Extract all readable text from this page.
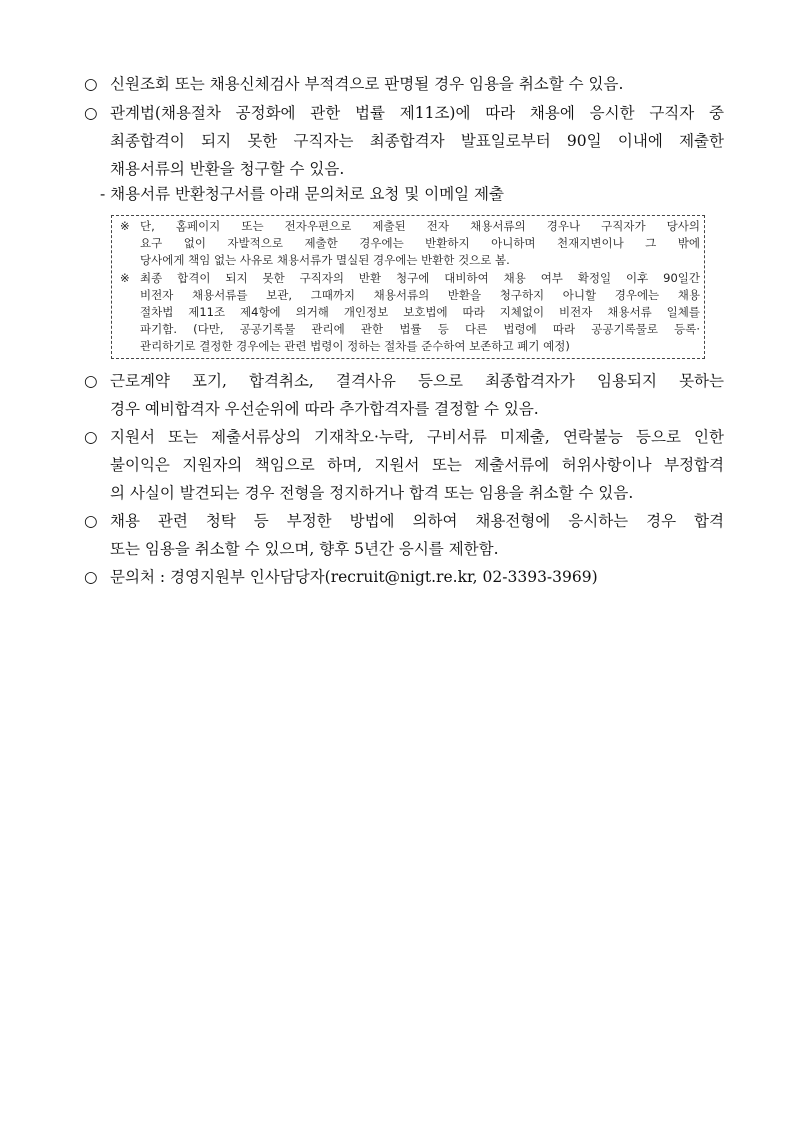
○ 신원조회 또는 채용신체검사 부적격으로 판명될 경우 임용을 취소할 수 있음.
○ 관계법(채용절차 공정화에 관한 법률 제11조)에 따라 채용에 응시한 구직자 중
최종합격이 되지 못한 구직자는 최종합격자 발표일로부터 90일 이내에 제출한
채용서류의 반환을 청구할 수 있음.
- 채용서류 반환청구서를 아래 문의처로 요청 및 이메일 제출
※ 단, 홈페이지 또는 전자우편으로 제출된 전자 채용서류의 경우나 구직자가 당사의
요구 없이 자발적으로 제출한 경우에는 반환하지 아니하며 천재지변이나 그 밖에
당사에게 책임 없는 사유로 채용서류가 멸실된 경우에는 반환한 것으로 봄.
※ 최종 합격이 되지 못한 구직자의 반환 청구에 대비하여 채용 여부 확정일 이후 90일간
비전자 채용서류를 보관, 그때까지 채용서류의 반환을 청구하지 아니할 경우에는 채용
절차법 제11조 제4항에 의거해 개인정보 보호법에 따라 지체없이 비전자 채용서류 일체를
파기함. (다만, 공공기록물 관리에 관한 법률 등 다른 법령에 따라 공공기록물로 등록·
관리하기로 결정한 경우에는 관련 법령이 정하는 절차를 준수하여 보존하고 폐기 예정)
○ 근로계약 포기, 합격취소, 결격사유 등으로 최종합격자가 임용되지 못하는
경우 예비합격자 우선순위에 따라 추가합격자를 결정할 수 있음.
○ 지원서 또는 제출서류상의 기재착오·누락, 구비서류 미제출, 연락불능 등으로 인한
불이익은 지원자의 책임으로 하며, 지원서 또는 제출서류에 허위사항이나 부정합격
의 사실이 발견되는 경우 전형을 정지하거나 합격 또는 임용을 취소할 수 있음.
○ 채용 관련 청탁 등 부정한 방법에 의하여 채용전형에 응시하는 경우 합격
또는 임용을 취소할 수 있으며, 향후 5년간 응시를 제한함.
○ 문의처 : 경영지원부 인사담당자(recruit@nigt.re.kr, 02-3393-3969)
